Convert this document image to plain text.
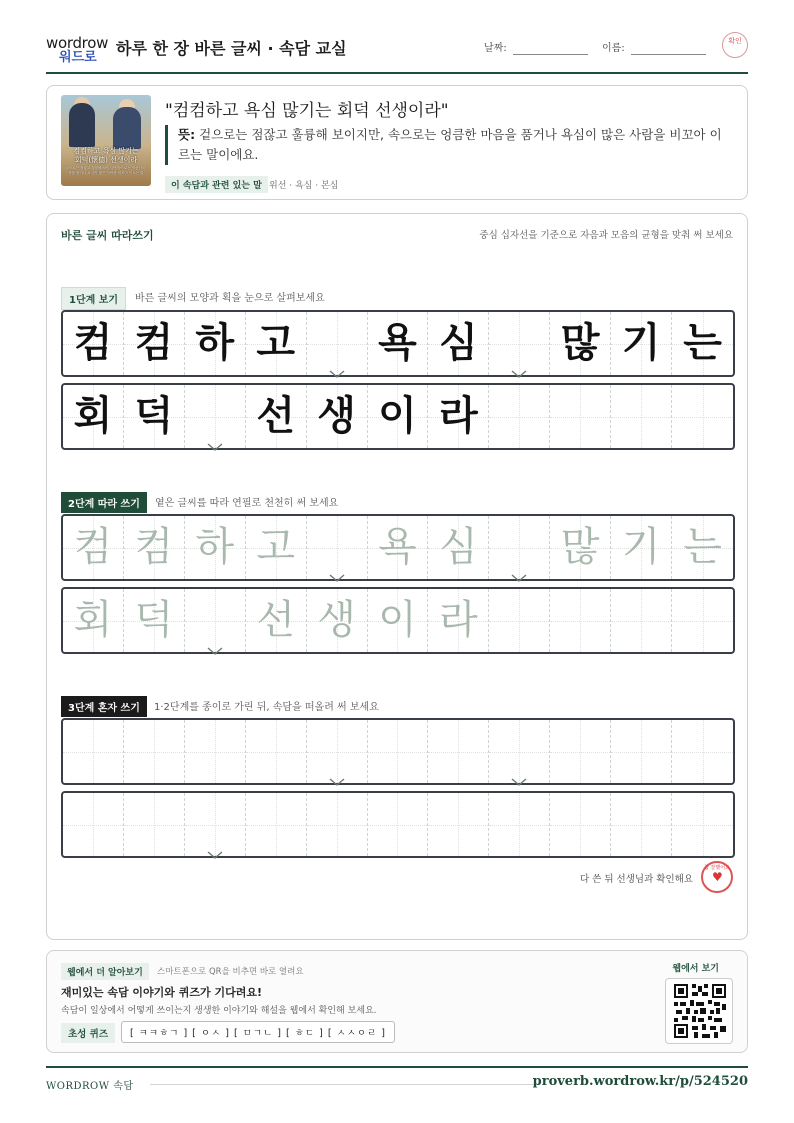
wordrow
워드로 하루 한 장 바른 글씨 · 속담 교실	날짜:	이름:
확인
컴컴하고 욕심 많기는
회덕(懷德) 선생이라
겉으로는 점잖고 훌륭해 보이지만 속으로는 엉큼한 마음을 품거나 욕심이 많은 사람을 비꼬아 이르는 말
"컴컴하고 욕심 많기는 회덕 선생이라"
뜻: 겉으로는 점잖고 훌륭해 보이지만, 속으로는 엉큼한 마음을 품거나 욕심이 많은 사람을 비꼬아 이르는 말이에요.
이 속담과 관련 있는 말 위선 · 욕심 · 본심
바른 글씨 따라쓰기	중심 십자선을 기준으로 자음과 모음의 균형을 맞춰 써 보세요
1단계 보기	바른 글씨의 모양과 획을 눈으로 살펴보세요
컴 컴 하 고 욕 심 많 기 는
회 덕 선 생 이 라
2단계 따라 쓰기	옅은 글씨를 따라 연필로 천천히 써 보세요
컴 컴 하 고 욕 심 많 기 는
회 덕 선 생 이 라
3단계 혼자 쓰기	1·2단계를 종이로 가린 뒤, 속담을 떠올려 써 보세요
다 쓴 뒤 선생님과 확인해요
참 잘했어요
♥
웹에서 더 알아보기	스마트폰으로 QR을 비추면 바로 열려요
재미있는 속담 이야기와 퀴즈가 기다려요!
속담이 일상에서 어떻게 쓰이는지 생생한 이야기와 해설을 웹에서 확인해 보세요.
초성 퀴즈	[ ㅋㅋㅎㄱ ] [ ㅇㅅ ] [ ㅁㄱㄴ ] [ ㅎㄷ ] [ ㅅㅅㅇㄹ ]
웹에서 보기
WORDROW 속담	proverb.wordrow.kr/p/524520
